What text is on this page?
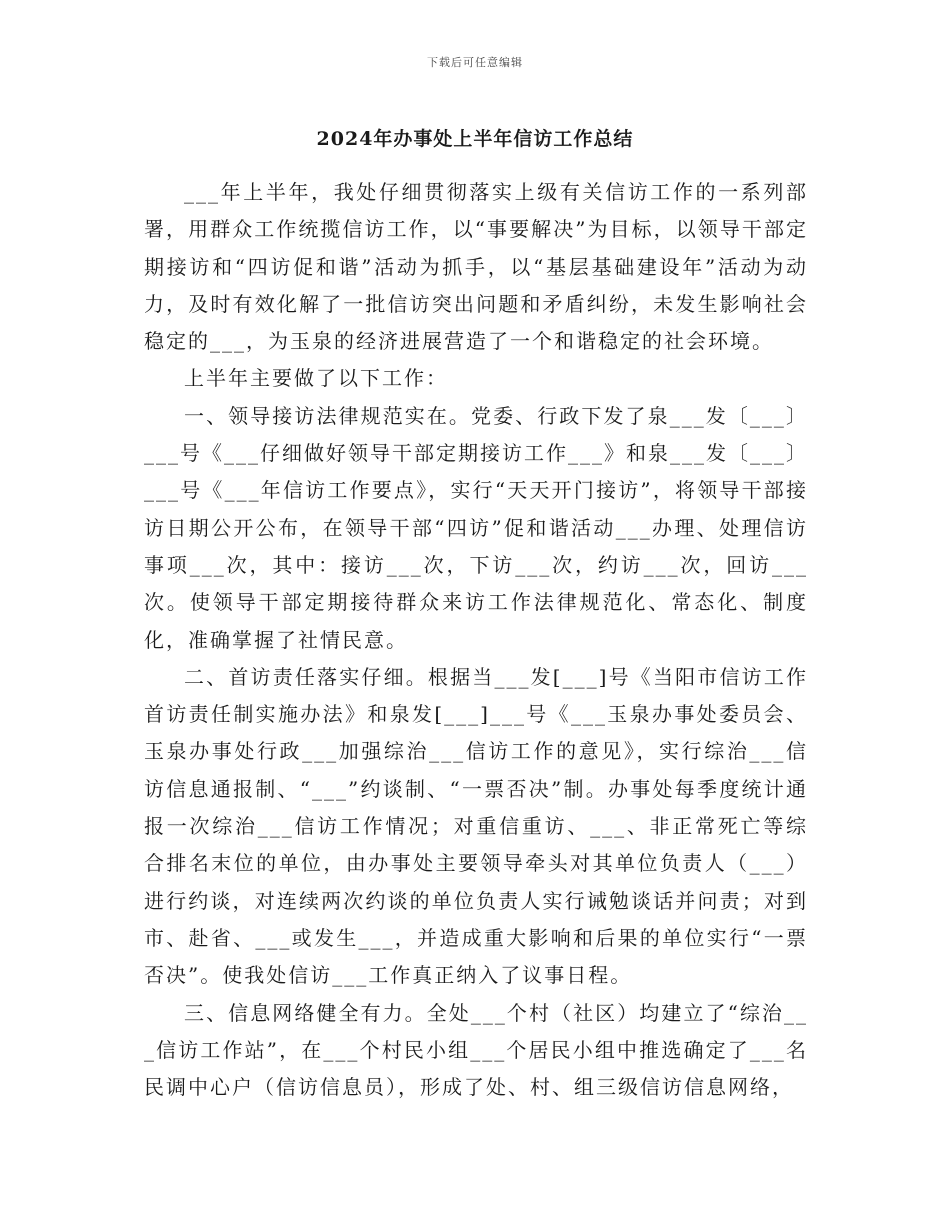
下载后可任意编辑
2024年办事处上半年信访工作总结

___年上半年，我处仔细贯彻落实上级有关信访工作的一系列部署，用群众工作统揽信访工作，以“事要解决”为目标，以领导干部定期接访和“四访促和谐”活动为抓手，以“基层基础建设年”活动为动力，及时有效化解了一批信访突出问题和矛盾纠纷，未发生影响社会稳定的___，为玉泉的经济进展营造了一个和谐稳定的社会环境。

上半年主要做了以下工作：

一、领导接访法律规范实在。党委、行政下发了泉___发〔___〕___号《___仔细做好领导干部定期接访工作___》和泉___发〔___〕___号《___年信访工作要点》，实行“天天开门接访”，将领导干部接访日期公开公布，在领导干部“四访”促和谐活动___办理、处理信访事项___次，其中：接访___次，下访___次，约访___次，回访___次。使领导干部定期接待群众来访工作法律规范化、常态化、制度化，准确掌握了社情民意。

二、首访责任落实仔细。根据当___发[___]号《当阳市信访工作首访责任制实施办法》和泉发[___]___号《___玉泉办事处委员会、玉泉办事处行政___加强综治___信访工作的意见》，实行综治___信访信息通报制、“___”约谈制、“一票否决”制。办事处每季度统计通报一次综治___信访工作情况；对重信重访、___、非正常死亡等综合排名末位的单位，由办事处主要领导牵头对其单位负责人（___）进行约谈，对连续两次约谈的单位负责人实行诫勉谈话并问责；对到市、赴省、___或发生___，并造成重大影响和后果的单位实行“一票否决”。使我处信访___工作真正纳入了议事日程。

三、信息网络健全有力。全处___个村（社区）均建立了“综治___信访工作站”，在___个村民小组___个居民小组中推选确定了___名民调中心户（信访信息员），形成了处、村、组三级信访信息网络，
